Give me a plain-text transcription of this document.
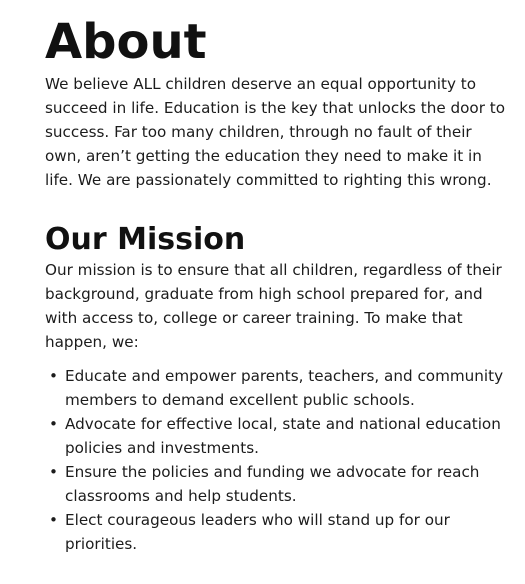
About

We believe ALL children deserve an equal opportunity to succeed in life. Education is the key that unlocks the door to success. Far too many children, through no fault of their own, aren’t getting the education they need to make it in life. We are passionately committed to righting this wrong.

Our Mission

Our mission is to ensure that all children, regardless of their background, graduate from high school prepared for, and with access to, college or career training. To make that happen, we:

• Educate and empower parents, teachers, and community members to demand excellent public schools.
• Advocate for effective local, state and national education policies and investments.
• Ensure the policies and funding we advocate for reach classrooms and help students.
• Elect courageous leaders who will stand up for our priorities.
